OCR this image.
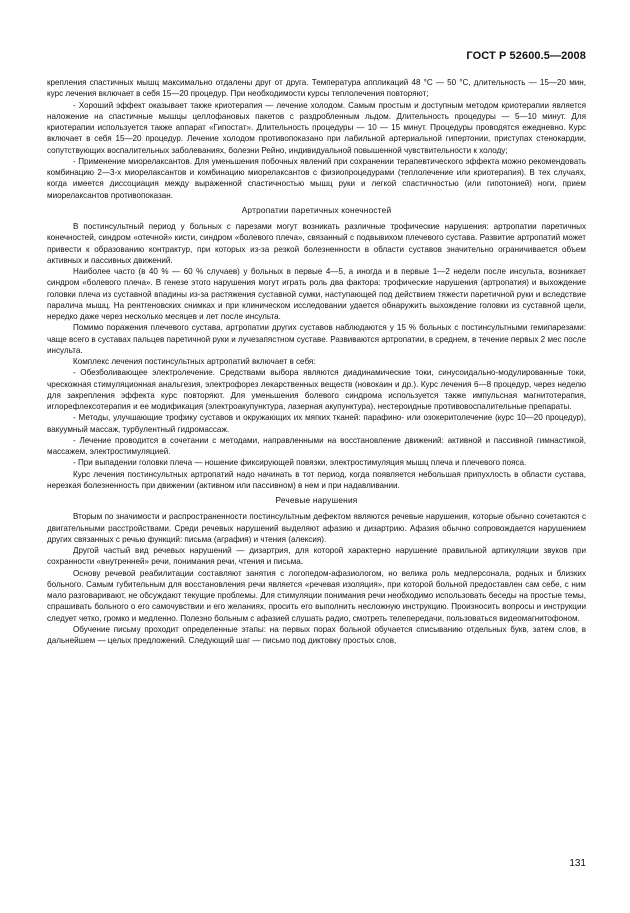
ГОСТ Р 52600.5—2008

крепления спастичных мышц максимально отдалены друг от друга. Температура аппликаций 48 °С — 50 °С, длительность — 15—20 мин, курс лечения включает в себя 15—20 процедур. При необходимости курсы теплолечения повторяют;

- Хороший эффект оказывает также криотерапия — лечение холодом. Самым простым и доступным методом криотерапии является наложение на спастичные мышцы целлофановых пакетов с раздробленным льдом. Длительность процедуры — 5—10 минут. Для криотерапии используется также аппарат «Гипостат». Длительность процедуры — 10 — 15 минут. Процедуры проводятся ежедневно. Курс включает в себя 15—20 процедур. Лечение холодом противопоказано при лабильной артериальной гипертонии, приступах стенокардии, сопутствующих воспалительных заболеваниях, болезни Рейно, индивидуальной повышенной чувствительности к холоду;

- Применение миорелаксантов. Для уменьшения побочных явлений при сохранении терапевтического эффекта можно рекомендовать комбинацию 2—3-х миорелаксантов и комбинацию миорелаксантов с физиопроцедурами (теплолечение или криотерапия). В тех случаях, когда имеется диссоциация между выраженной спастичностью мышц руки и легкой спастичностью (или гипотонией) ноги, прием миорелаксантов противопоказан.

Артропатии паретичных конечностей

В постинсультный период у больных с парезами могут возникать различные трофические нарушения: артропатии паретичных конечностей, синдром «отечной» кисти, синдром «болевого плеча», связанный с подвывихом плечевого сустава. Развитие артропатий может привести к образованию контрактур, при которых из-за резкой болезненности в области суставов значительно ограничивается объем активных и пассивных движений.

Наиболее часто (в 40 % — 60 % случаев) у больных в первые 4—5, а иногда и в первые 1—2 недели после инсульта, возникает синдром «болевого плеча». В генезе этого нарушения могут играть роль два фактора: трофические нарушения (артропатия) и выхождение головки плеча из суставной впадины из-за растяжения суставной сумки, наступающей под действием тяжести паретичной руки и вследствие паралича мышц. На рентгеновских снимках и при клиническом исследовании удается обнаружить выхождение головки из суставной щели, нередко даже через несколько месяцев и лет после инсульта.

Помимо поражения плечевого сустава, артропатии других суставов наблюдаются у 15 % больных с постинсультными гемипарезами: чаще всего в суставах пальцев паретичной руки и лучезапястном суставе. Развиваются артропатии, в среднем, в течение первых 2 мес после инсульта.

Комплекс лечения постинсультных артропатий включает в себя:

- Обезболивающее электролечение. Средствами выбора являются диадинамические токи, синусоидально-модулированные токи, чрескожная стимуляционная анальгезия, электрофорез лекарственных веществ (новокаин и др.). Курс лечения 6—8 процедур, через неделю для закрепления эффекта курс повторяют. Для уменьшения болевого синдрома используется также импульсная магнитотерапия, иглорефлексотерапия и ее модификация (электроакупунктура, лазерная акупунктура), нестероидные противовоспалительные препараты.

- Методы, улучшающие трофику суставов и окружающих их мягких тканей: парафино- или озокеритолечение (курс 10—20 процедур), вакуумный массаж, турбулентный гидромассаж.

- Лечение проводится в сочетании с методами, направленными на восстановление движений: активной и пассивной гимнастикой, массажем, электростимуляцией.

- При выпадении головки плеча — ношение фиксирующей повязки, электростимуляция мышц плеча и плечевого пояса.

Курс лечения постинсультных артропатий надо начинать в тот период, когда появляется небольшая припухлость в области сустава, нерезкая болезненность при движении (активном или пассивном) в нем и при надавливании.

Речевые нарушения

Вторым по значимости и распространенности постинсультным дефектом являются речевые нарушения, которые обычно сочетаются с двигательными расстройствами. Среди речевых нарушений выделяют афазию и дизартрию. Афазия обычно сопровождается нарушением других связанных с речью функций: письма (аграфия) и чтения (алексия).

Другой частый вид речевых нарушений — дизартрия, для которой характерно нарушение правильной артикуляции звуков при сохранности «внутренней» речи, понимания речи, чтения и письма.

Основу речевой реабилитации составляют занятия с логопедом-афазиологом, но велика роль медперсонала, родных и близких больного. Самым губительным для восстановления речи является «речевая изоляция», при которой больной предоставлен сам себе, с ним мало разговаривают, не обсуждают текущие проблемы. Для стимуляции понимания речи необходимо использовать беседы на простые темы, спрашивать больного о его самочувствии и его желаниях, просить его выполнить несложную инструкцию. Произносить вопросы и инструкции следует четко, громко и медленно. Полезно больным с афазией слушать радио, смотреть телепередачи, пользоваться видеомагнитофоном.

Обучение письму проходит определенные этапы: на первых порах больной обучается списыванию отдельных букв, затем слов, в дальнейшем — целых предложений. Следующий шаг — письмо под диктовку простых слов,

131
